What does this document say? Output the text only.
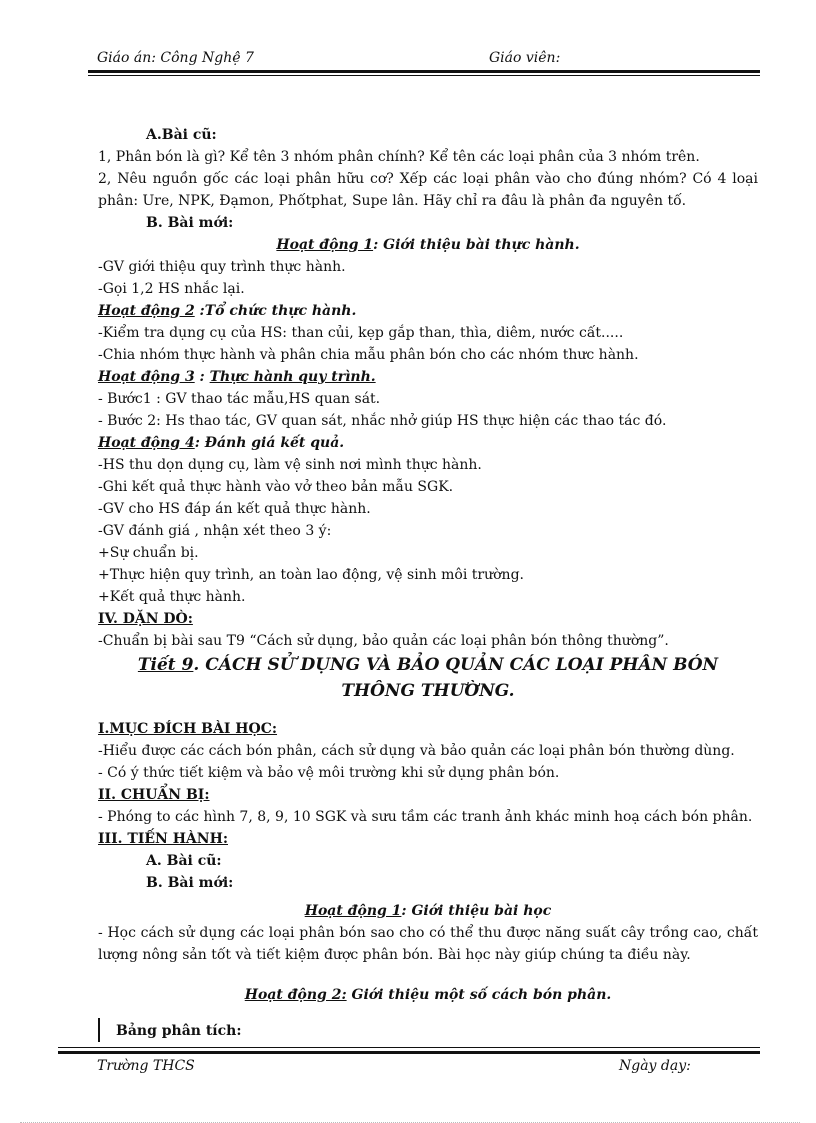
Giáo án: Công Nghệ 7	Giáo viên:

A.Bài cũ:

1, Phân bón là gì? Kể tên 3 nhóm phân chính? Kể tên các loại phân của 3 nhóm trên.

2, Nêu nguồn gốc các loại phân hữu cơ? Xếp các loại phân vào cho đúng nhóm? Có 4 loại phân: Ure, NPK, Đạmon, Phốtphat, Supe lân. Hãy chỉ ra đâu là phân đa nguyên tố.

B. Bài mới:

Hoạt động 1: Giới thiệu bài thực hành.

-GV giới thiệu quy trình thực hành.

-Gọi 1,2 HS nhắc lại.

Hoạt động 2 :Tổ chức thực hành.

-Kiểm tra dụng cụ của HS: than củi, kẹp gắp than, thìa, diêm, nước cất.....

-Chia nhóm thực hành và phân chia mẫu phân bón cho các nhóm thưc hành.

Hoạt động 3 : Thực hành quy trình.

- Bước1 : GV thao tác mẫu,HS quan sát.

- Bước 2: Hs thao tác, GV quan sát, nhắc nhở giúp HS thực hiện các thao tác đó.

Hoạt động 4: Đánh giá kết quả.

-HS thu dọn dụng cụ, làm vệ sinh nơi mình thực hành.

-Ghi kết quả thực hành vào vở theo bản mẫu SGK.

-GV cho HS đáp án kết quả thực hành.

-GV đánh giá , nhận xét theo 3 ý:

+Sự chuẩn bị.

+Thực hiện quy trình, an toàn lao động, vệ sinh môi trường.

+Kết quả thực hành.

IV. DẶN DÒ:

-Chuẩn bị bài sau T9 “Cách sử dụng, bảo quản các loại phân bón thông thường”.

Tiết 9. CÁCH SỬ DỤNG VÀ BẢO QUẢN CÁC LOẠI PHÂN BÓN
THÔNG THƯỜNG.

I.MỤC ĐÍCH BÀI HỌC:

-Hiểu được các cách bón phân, cách sử dụng và bảo quản các loại phân bón thường dùng.

- Có ý thức tiết kiệm và bảo vệ môi trường khi sử dụng phân bón.

II. CHUẨN BỊ:

- Phóng to các hình 7, 8, 9, 10 SGK và sưu tầm các tranh ảnh khác minh hoạ cách bón phân.

III. TIẾN HÀNH:

A. Bài cũ:

B. Bài mới:

Hoạt động 1: Giới thiệu bài học

- Học cách sử dụng các loại phân bón sao cho có thể thu được năng suất cây trồng cao, chất lượng nông sản tốt và tiết kiệm được phân bón. Bài học này giúp chúng ta điều này.

Hoạt động 2: Giới thiệu một số cách bón phân.

Bảng phân tích:

Trường THCS	Ngày dạy:
